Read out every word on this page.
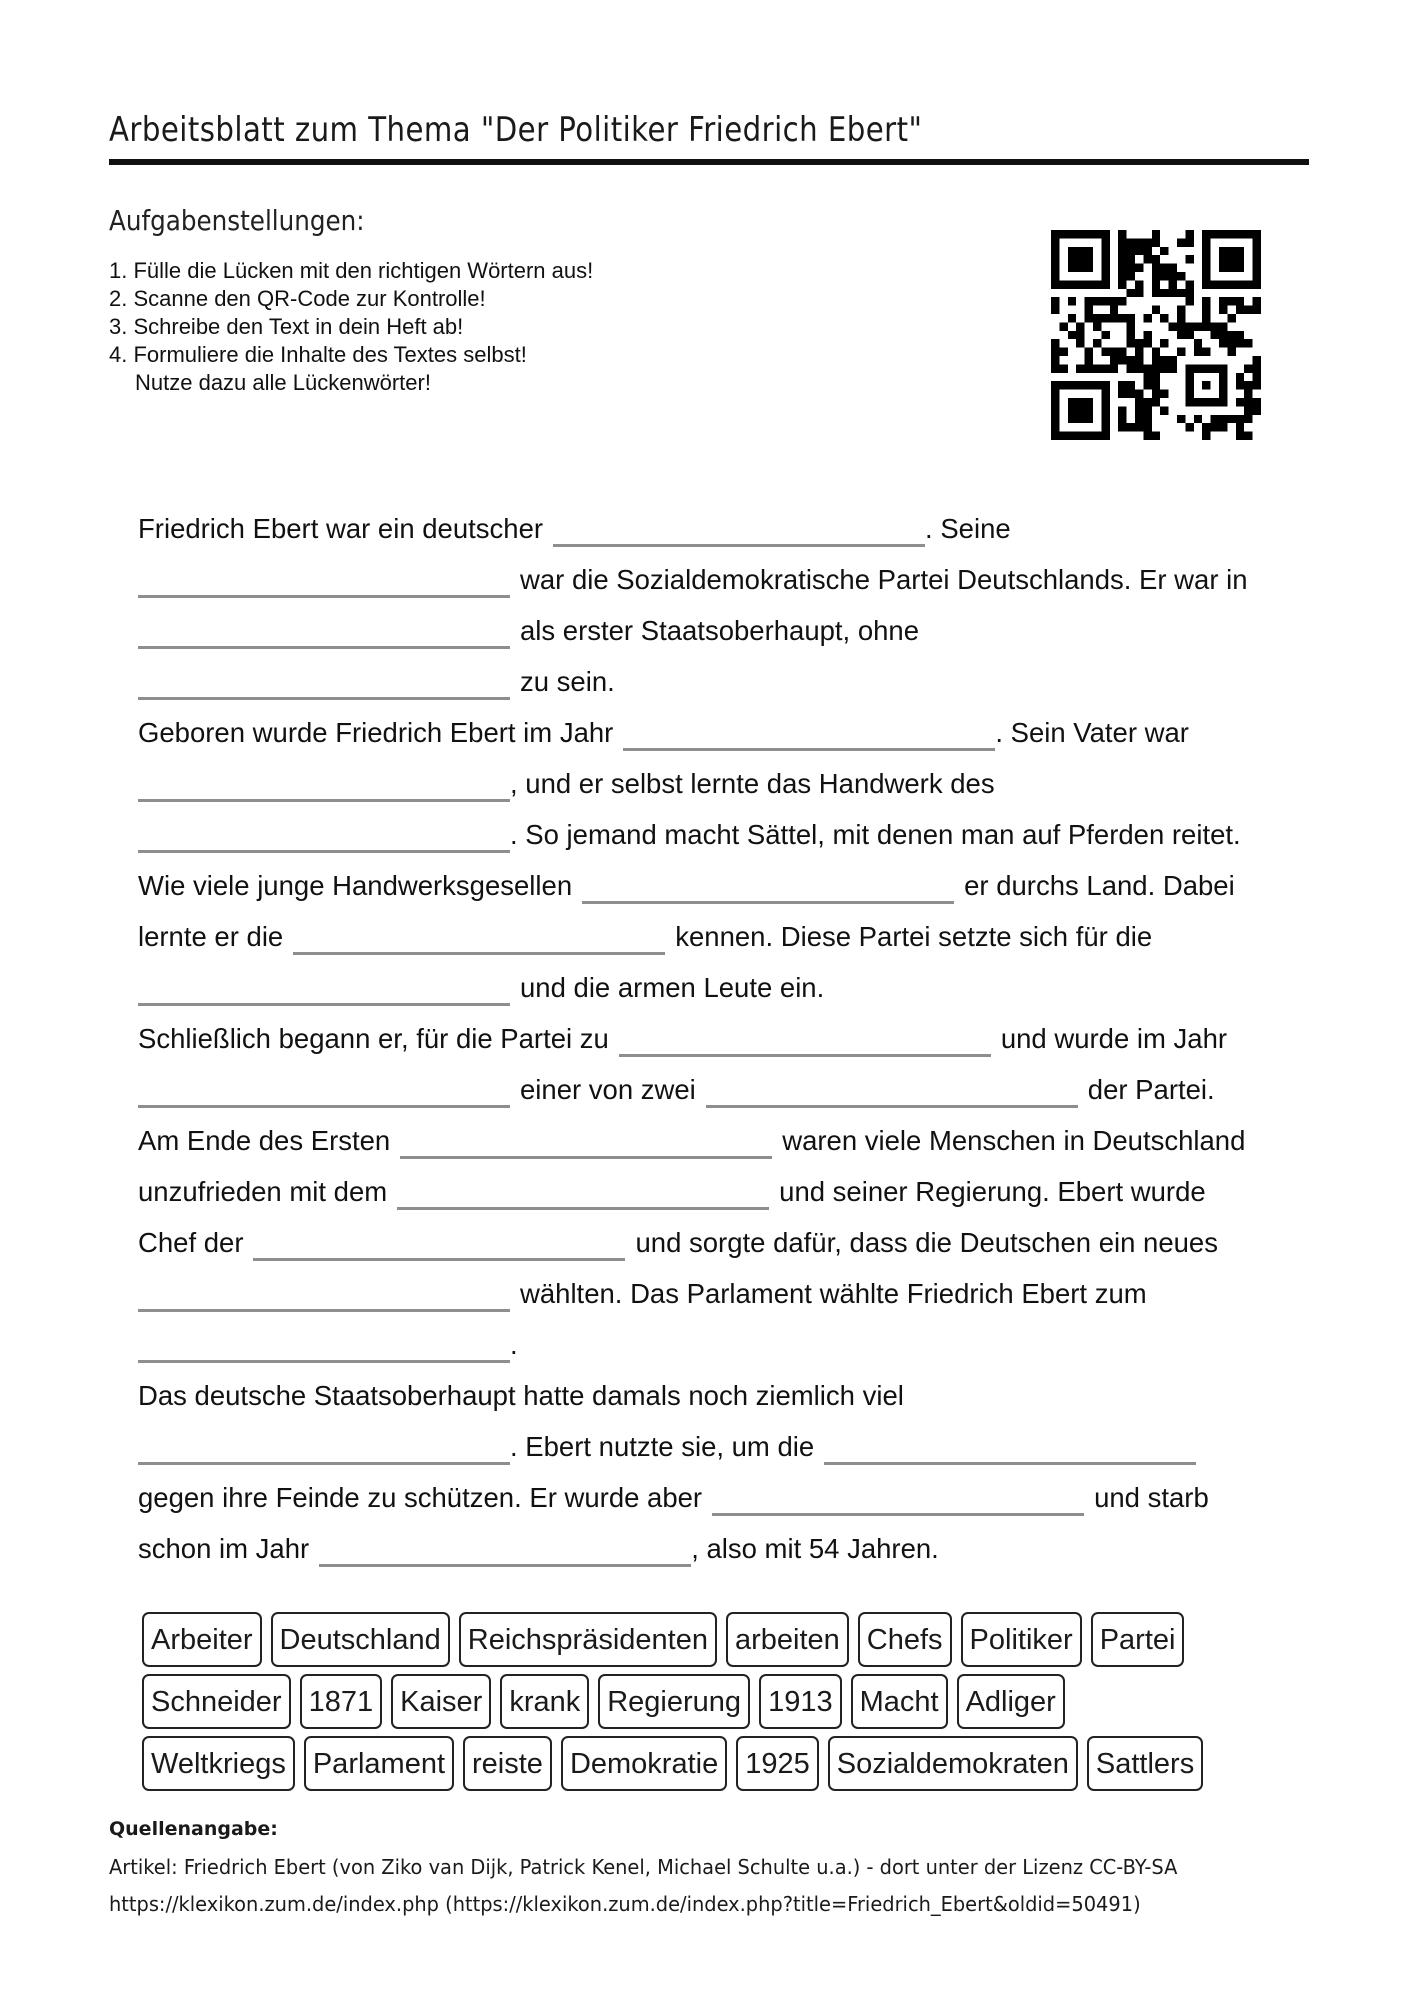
Arbeitsblatt zum Thema "Der Politiker Friedrich Ebert"
Aufgabenstellungen:
1. Fülle die Lücken mit den richtigen Wörtern aus!
2. Scanne den QR-Code zur Kontrolle!
3. Schreibe den Text in dein Heft ab!
4. Formuliere die Inhalte des Textes selbst!
Nutze dazu alle Lückenwörter!
Friedrich Ebert war ein deutscher	. Seine
war die Sozialdemokratische Partei Deutschlands. Er war in
als erster Staatsoberhaupt, ohne
zu sein.
Geboren wurde Friedrich Ebert im Jahr	. Sein Vater war
, und er selbst lernte das Handwerk des
. So jemand macht Sättel, mit denen man auf Pferden reitet.
Wie viele junge Handwerksgesellen	er durchs Land. Dabei
lernte er die	kennen. Diese Partei setzte sich für die
und die armen Leute ein.
Schließlich begann er, für die Partei zu	und wurde im Jahr
einer von zwei	der Partei.
Am Ende des Ersten	waren viele Menschen in Deutschland
unzufrieden mit dem	und seiner Regierung. Ebert wurde
Chef der	und sorgte dafür, dass die Deutschen ein neues
wählten. Das Parlament wählte Friedrich Ebert zum
.
Das deutsche Staatsoberhaupt hatte damals noch ziemlich viel
. Ebert nutzte sie, um die
gegen ihre Feinde zu schützen. Er wurde aber	und starb
schon im Jahr	, also mit 54 Jahren.
Arbeiter Deutschland Reichspräsidenten arbeiten Chefs Politiker Partei
Schneider 1871 Kaiser krank Regierung 1913 Macht Adliger
Weltkriegs Parlament reiste Demokratie 1925 Sozialdemokraten Sattlers
Quellenangabe:
Artikel: Friedrich Ebert (von Ziko van Dijk, Patrick Kenel, Michael Schulte u.a.) - dort unter der Lizenz CC-BY-SA
https://klexikon.zum.de/index.php (https://klexikon.zum.de/index.php?title=Friedrich_Ebert&oldid=50491)
